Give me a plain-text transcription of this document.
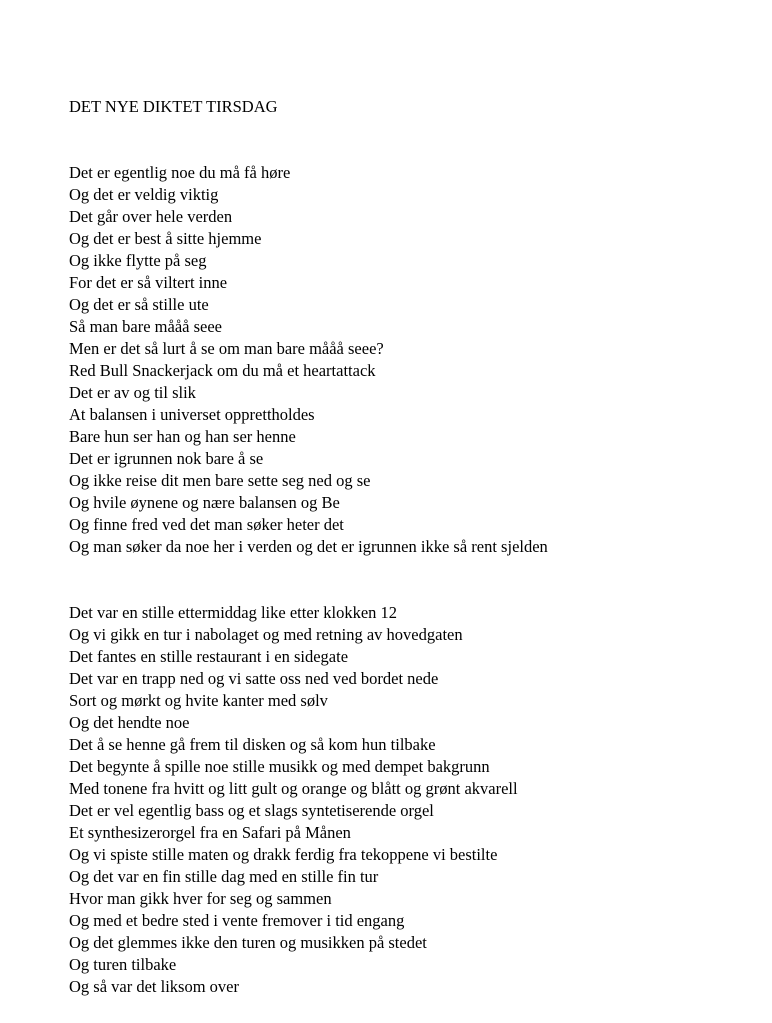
DET NYE DIKTET TIRSDAG
Det er egentlig noe du må få høre
Og det er veldig viktig
Det går over hele verden
Og det er best å sitte hjemme
Og ikke flytte på seg
For det er så viltert inne
Og det er så stille ute
Så man bare mååå seee
Men er det så lurt å se om man bare mååå seee?
Red Bull Snackerjack om du må et heartattack
Det er av og til slik
At balansen i universet opprettholdes
Bare hun ser han og han ser henne
Det er igrunnen nok bare å se
Og ikke reise dit men bare sette seg ned og se
Og hvile øynene og nære balansen og Be
Og finne fred ved det man søker heter det
Og man søker da noe her i verden og det er igrunnen ikke så rent sjelden
Det var en stille ettermiddag like etter klokken 12
Og vi gikk en tur i nabolaget og med retning av hovedgaten
Det fantes en stille restaurant i en sidegate
Det var en trapp ned og vi satte oss ned ved bordet nede
Sort og mørkt og hvite kanter med sølv
Og det hendte noe
Det å se henne gå frem til disken og så kom hun tilbake
Det begynte å spille noe stille musikk og med dempet bakgrunn
Med tonene fra hvitt og litt gult og orange og blått og grønt akvarell
Det er vel egentlig bass og et slags syntetiserende orgel
Et synthesizerorgel fra en Safari på Månen
Og vi spiste stille maten og drakk ferdig fra tekoppene vi bestilte
Og det var en fin stille dag med en stille fin tur
Hvor man gikk hver for seg og sammen
Og med et bedre sted i vente fremover i tid engang
Og det glemmes ikke den turen og musikken på stedet
Og turen tilbake
Og så var det liksom over
